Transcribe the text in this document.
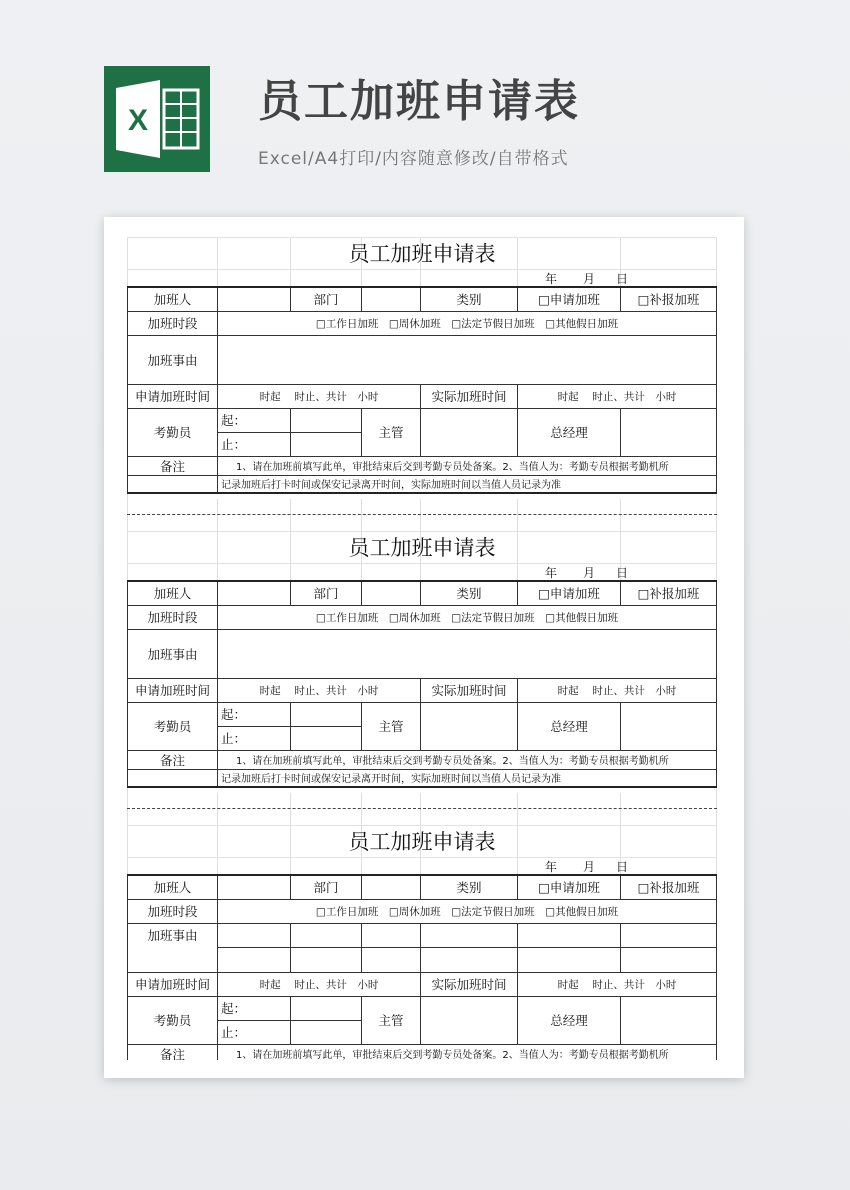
X 员工加班申请表
Excel/A4打印/内容随意修改/自带格式
员工加班申请表
年 月 日
加班人		部门		类别	□申请加班	□补报加班
加班时段	□工作日加班　 □周休加班　 □法定节假日加班　 □其他假日加班					
加班事由						
申请加班时间	时起　 时止、共计　小时			实际加班时间	时起　 时止、共计　小时	
考勤员	起：		主管		总经理	
	止：					
备注	1、请在加班前填写此单，审批结束后交到考勤专员处备案。2、当值人为：考勤专员根据考勤机所					
	记录加班后打卡时间或保安记录离开时间，实际加班时间以当值人员记录为准					
员工加班申请表
年 月 日
加班人		部门		类别	□申请加班	□补报加班
加班时段	□工作日加班　 □周休加班　 □法定节假日加班　 □其他假日加班					
加班事由						
申请加班时间	时起　 时止、共计　小时			实际加班时间	时起　 时止、共计　小时	
考勤员	起：		主管		总经理	
	止：					
备注	1、请在加班前填写此单，审批结束后交到考勤专员处备案。2、当值人为：考勤专员根据考勤机所					
	记录加班后打卡时间或保安记录离开时间，实际加班时间以当值人员记录为准					
员工加班申请表
年 月 日
加班人		部门		类别	□申请加班	□补报加班
加班时段	□工作日加班　 □周休加班　 □法定节假日加班　 □其他假日加班					
加班事由						

申请加班时间	时起　 时止、共计　小时			实际加班时间	时起　 时止、共计　小时	
考勤员	起：		主管		总经理	
	止：					
备注	1、请在加班前填写此单，审批结束后交到考勤专员处备案。2、当值人为：考勤专员根据考勤机所					
